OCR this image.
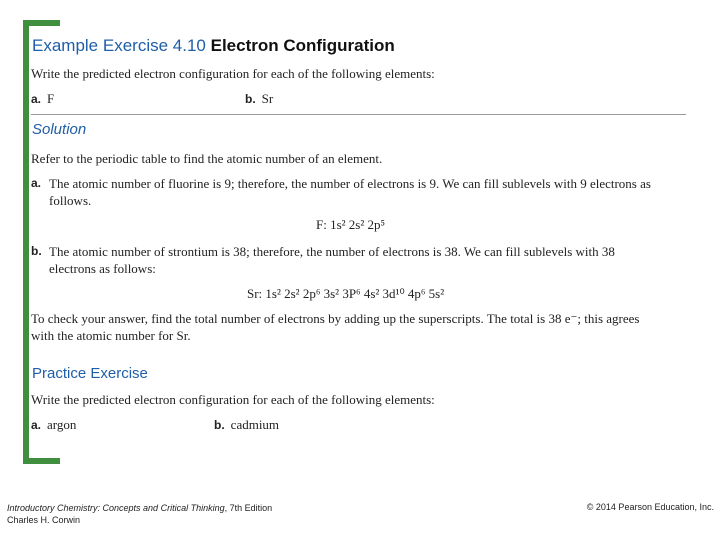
Example Exercise 4.10 Electron Configuration
Write the predicted electron configuration for each of the following elements:
a. F	b. Sr
Solution
Refer to the periodic table to find the atomic number of an element.
a. The atomic number of fluorine is 9; therefore, the number of electrons is 9. We can fill sublevels with 9 electrons as follows.
F: 1s² 2s² 2p⁵
b. The atomic number of strontium is 38; therefore, the number of electrons is 38. We can fill sublevels with 38 electrons as follows:
Sr: 1s² 2s² 2p⁶ 3s² 3P⁶ 4s² 3d¹⁰ 4p⁶ 5s²
To check your answer, find the total number of electrons by adding up the superscripts. The total is 38 e⁻; this agrees with the atomic number for Sr.
Practice Exercise
Write the predicted electron configuration for each of the following elements:
a. argon	b. cadmium
Introductory Chemistry: Concepts and Critical Thinking, 7th Edition
Charles H. Corwin
© 2014 Pearson Education, Inc.
